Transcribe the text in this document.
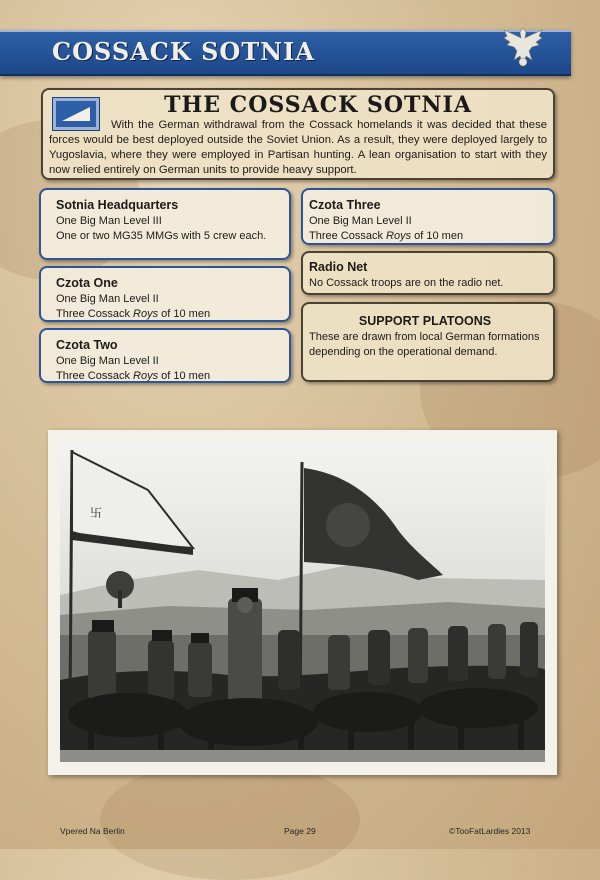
COSSACK SOTNIA
THE COSSACK SOTNIA
With the German withdrawal from the Cossack homelands it was decided that these forces would be best deployed outside the Soviet Union. As a result, they were deployed largely to Yugoslavia, where they were employed in Partisan hunting. A lean organisation to start with they now relied entirely on German units to provide heavy support.
Sotnia Headquarters
One Big Man Level III
One or two MG35 MMGs with 5 crew each.
Czota One
One Big Man Level II
Three Cossack Roys of 10 men
Czota Two
One Big Man Level II
Three Cossack Roys of 10 men
Czota Three
One Big Man Level II
Three Cossack Roys of 10 men
Radio Net
No Cossack troops are on the radio net.
SUPPORT PLATOONS
These are drawn from local German formations depending on the operational demand.
卐
Vpered Na Berlin	Page 29	©TooFatLardies 2013
